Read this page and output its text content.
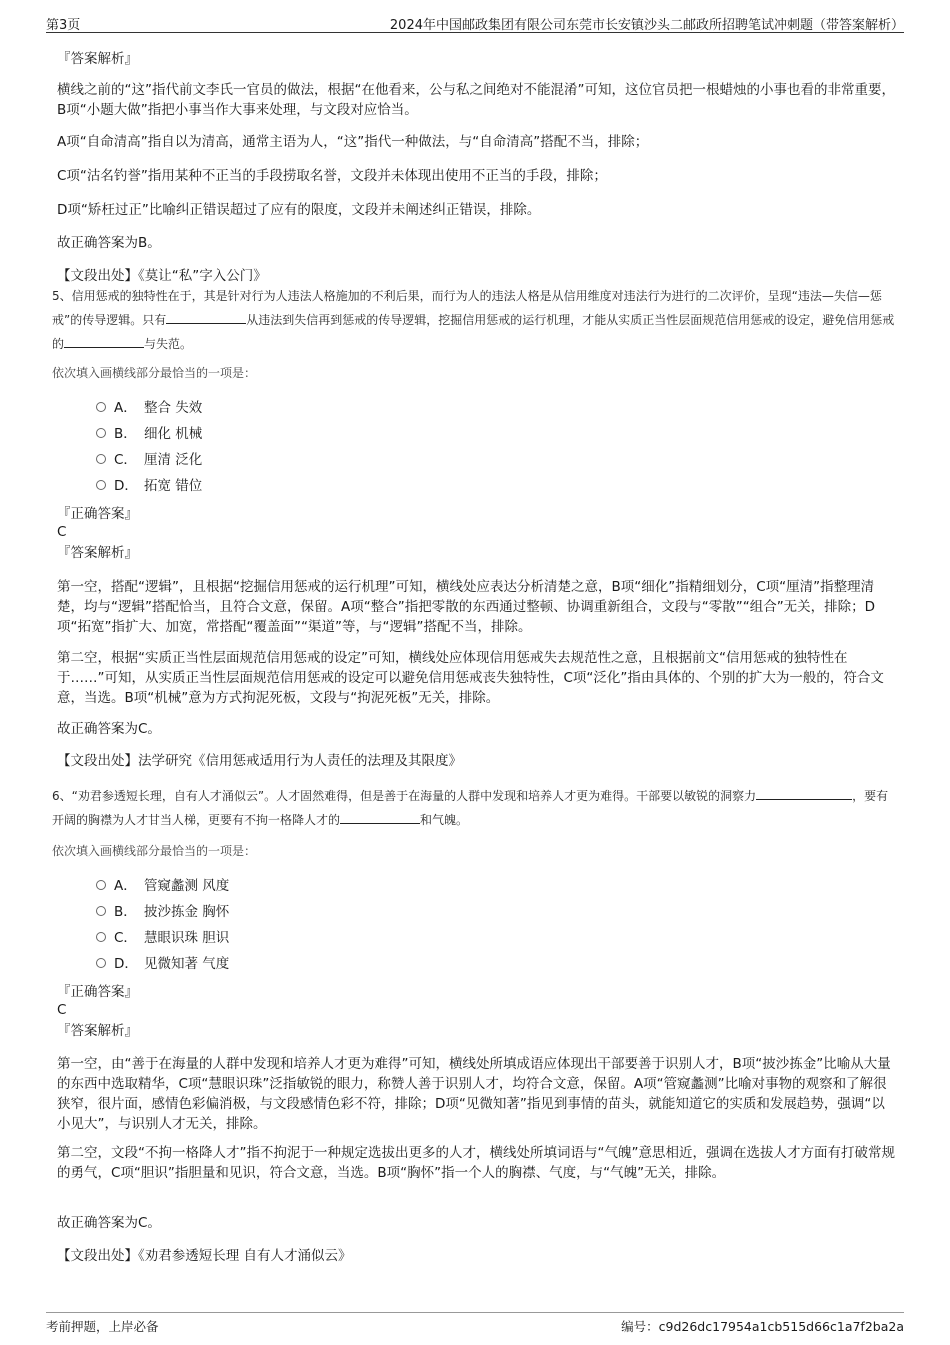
第3页	2024年中国邮政集团有限公司东莞市长安镇沙头二邮政所招聘笔试冲刺题（带答案解析）
『答案解析』
横线之前的“这”指代前文李氏一官员的做法，根据“在他看来，公与私之间绝对不能混淆”可知，这位官员把一根蜡烛的小事也看的非常重要，B项“小题大做”指把小事当作大事来处理，与文段对应恰当。
A项“自命清高”指自以为清高，通常主语为人，“这”指代一种做法，与“自命清高”搭配不当，排除；
C项“沽名钓誉”指用某种不正当的手段捞取名誉，文段并未体现出使用不正当的手段，排除；
D项“矫枉过正”比喻纠正错误超过了应有的限度，文段并未阐述纠正错误，排除。
故正确答案为B。
【文段出处】《莫让“私”字入公门》
5、信用惩戒的独特性在于，其是针对行为人违法人格施加的不利后果，而行为人的违法人格是从信用维度对违法行为进行的二次评价，呈现“违法—失信—惩戒”的传导逻辑。只有	从违法到失信再到惩戒的传导逻辑，挖掘信用惩戒的运行机理，才能从实质正当性层面规范信用惩戒的设定，避免信用惩戒的	与失范。
依次填入画横线部分最恰当的一项是：
A． 整合 失效
B． 细化 机械
C． 厘清 泛化
D． 拓宽 错位
『正确答案』
C
『答案解析』
第一空，搭配“逻辑”，且根据“挖掘信用惩戒的运行机理”可知，横线处应表达分析清楚之意，B项“细化”指精细划分，C项“厘清”指整理清楚，均与“逻辑”搭配恰当，且符合文意，保留。A项“整合”指把零散的东西通过整顿、协调重新组合，文段与“零散”“组合”无关，排除；D项“拓宽”指扩大、加宽，常搭配“覆盖面”“渠道”等，与“逻辑”搭配不当，排除。
第二空，根据“实质正当性层面规范信用惩戒的设定”可知，横线处应体现信用惩戒失去规范性之意，且根据前文“信用惩戒的独特性在于……”可知，从实质正当性层面规范信用惩戒的设定可以避免信用惩戒丧失独特性，C项“泛化”指由具体的、个别的扩大为一般的，符合文意，当选。B项“机械”意为方式拘泥死板，文段与“拘泥死板”无关，排除。
故正确答案为C。
【文段出处】法学研究《信用惩戒适用行为人责任的法理及其限度》
6、“劝君参透短长理，自有人才涌似云”。人才固然难得，但是善于在海量的人群中发现和培养人才更为难得。干部要以敏锐的洞察力	，要有开阔的胸襟为人才甘当人梯，更要有不拘一格降人才的	和气魄。
依次填入画横线部分最恰当的一项是：
A． 管窥蠡测 风度
B． 披沙拣金 胸怀
C． 慧眼识珠 胆识
D． 见微知著 气度
『正确答案』
C
『答案解析』
第一空，由“善于在海量的人群中发现和培养人才更为难得”可知，横线处所填成语应体现出干部要善于识别人才，B项“披沙拣金”比喻从大量的东西中选取精华，C项“慧眼识珠”泛指敏锐的眼力，称赞人善于识别人才，均符合文意，保留。A项“管窥蠡测”比喻对事物的观察和了解很狭窄，很片面，感情色彩偏消极，与文段感情色彩不符，排除；D项“见微知著”指见到事情的苗头，就能知道它的实质和发展趋势，强调“以小见大”，与识别人才无关，排除。
第二空，文段“不拘一格降人才”指不拘泥于一种规定选拔出更多的人才，横线处所填词语与“气魄”意思相近，强调在选拔人才方面有打破常规的勇气，C项“胆识”指胆量和见识，符合文意，当选。B项“胸怀”指一个人的胸襟、气度，与“气魄”无关，排除。
故正确答案为C。
【文段出处】《劝君参透短长理 自有人才涌似云》
考前押题，上岸必备	编号：c9d26dc17954a1cb515d66c1a7f2ba2a
